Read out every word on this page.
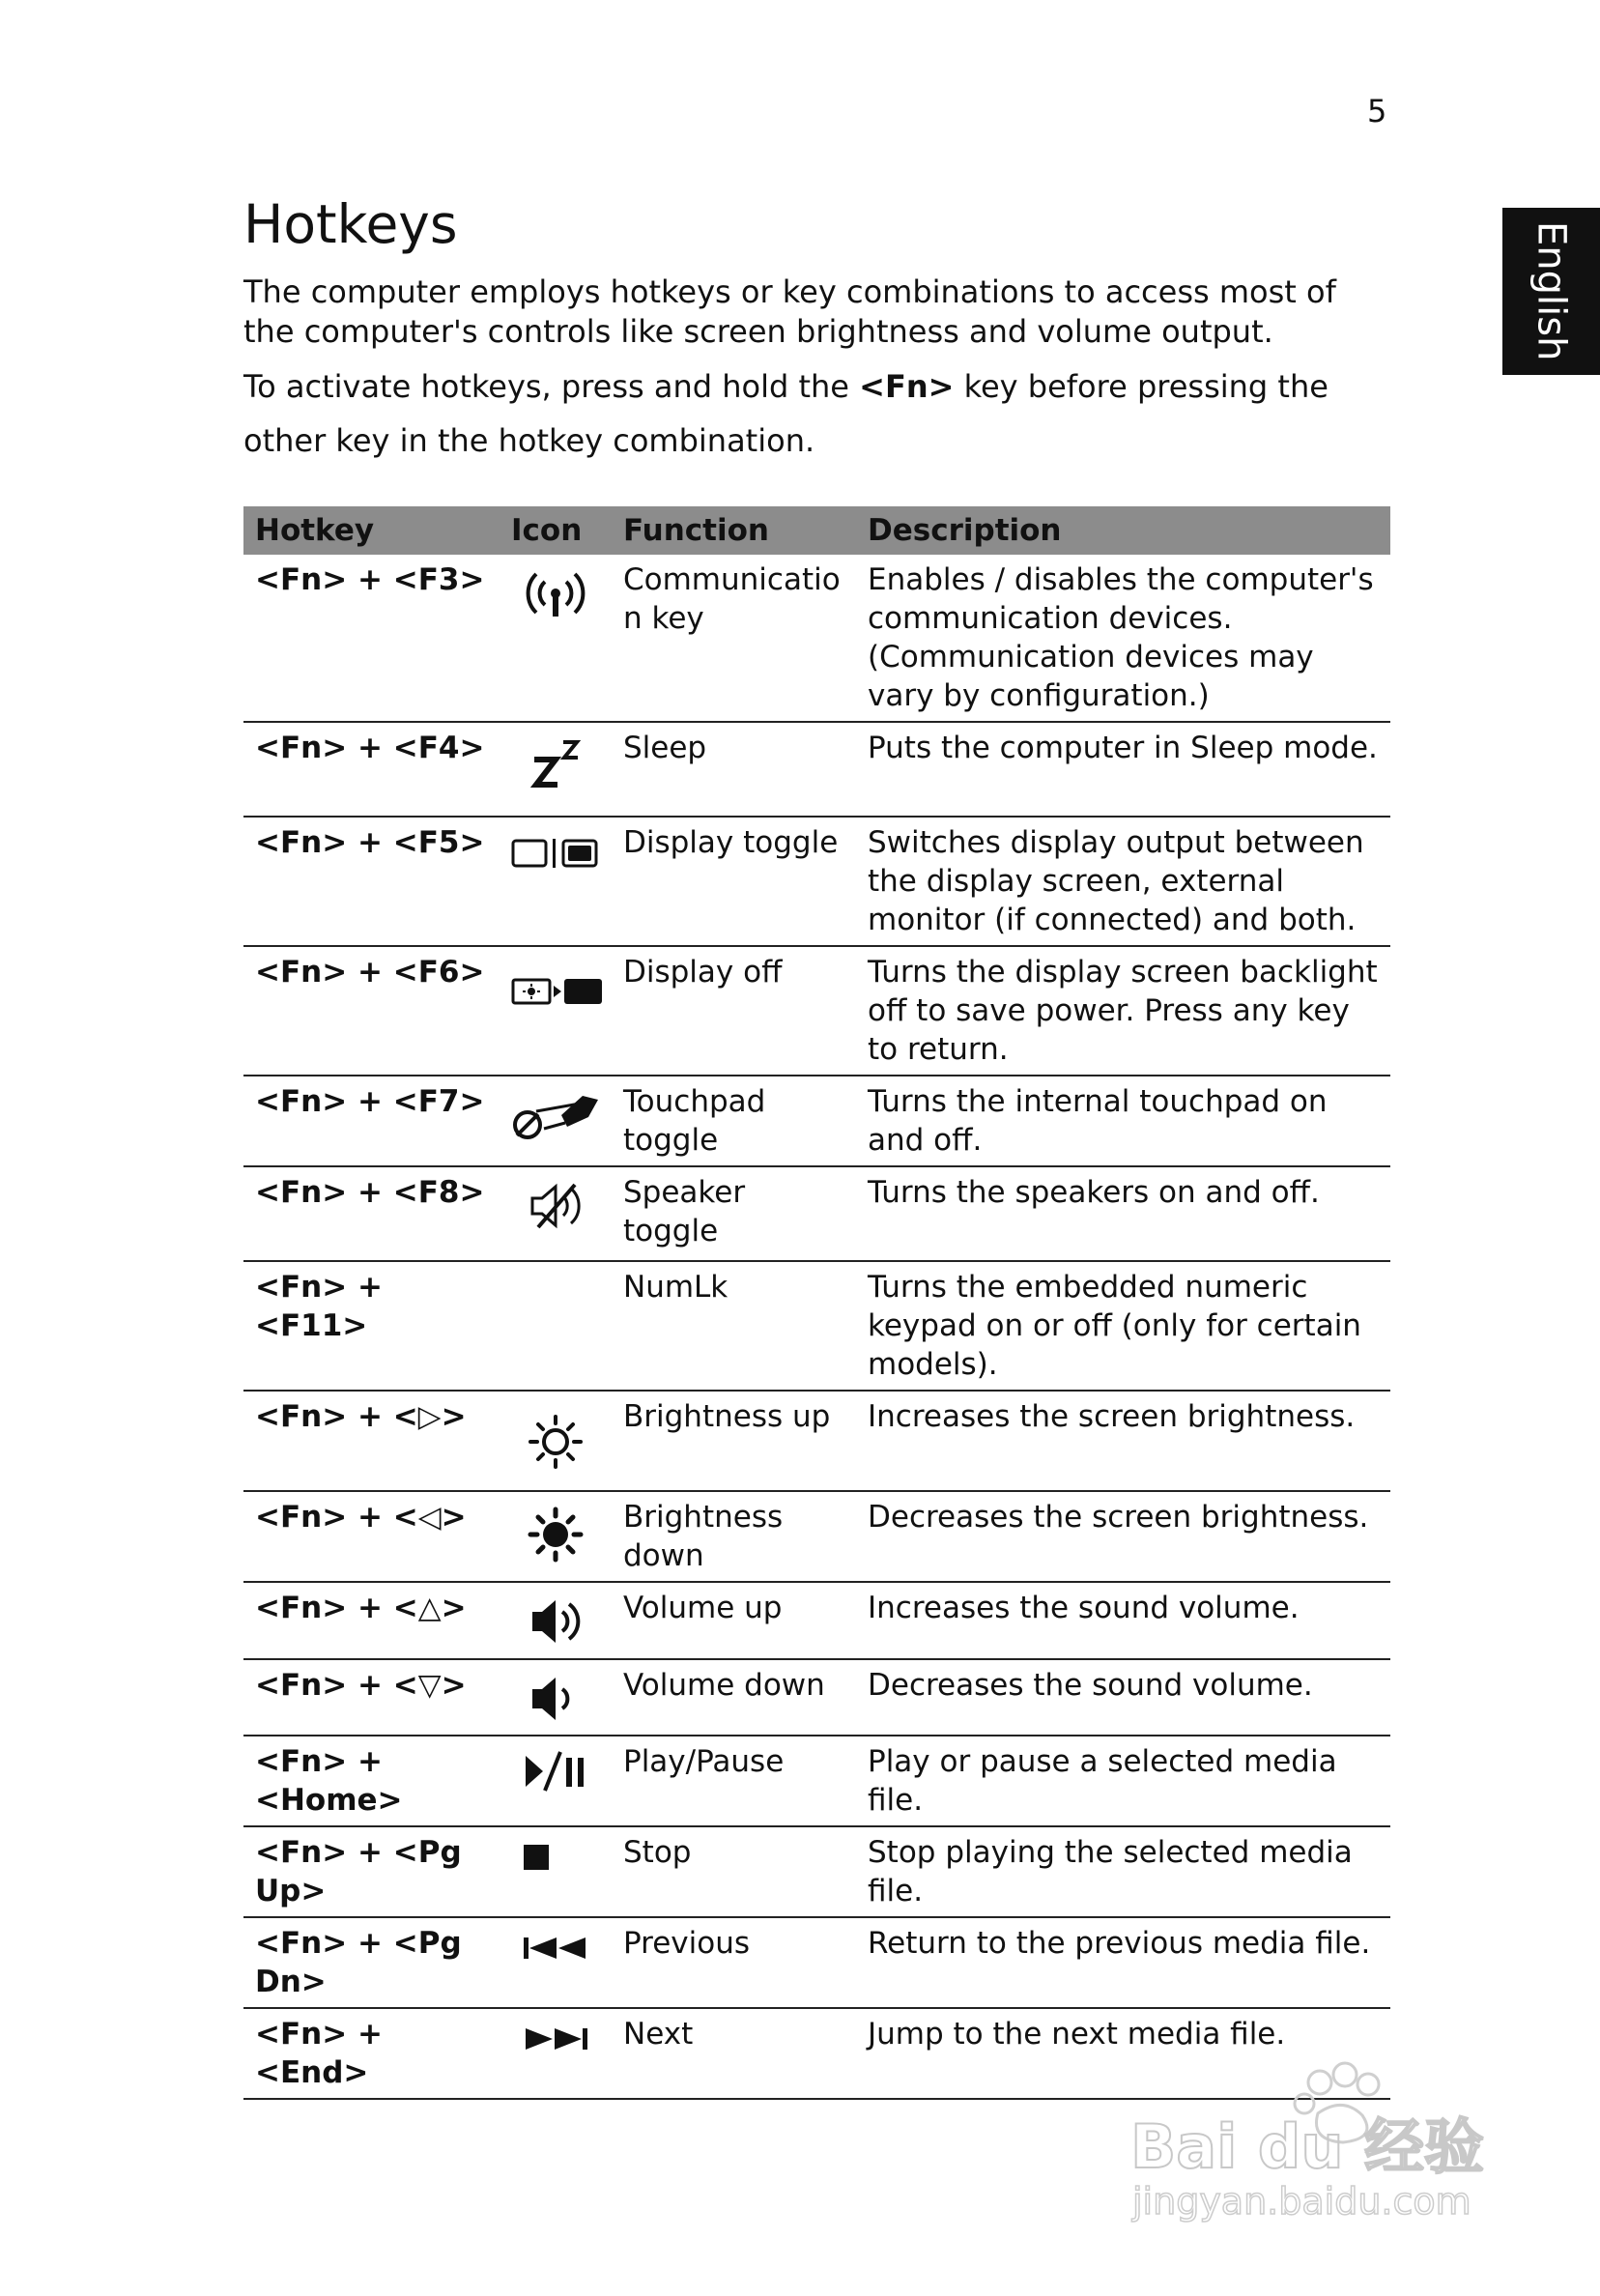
5
English
Hotkeys

The computer employs hotkeys or key combinations to access most of the computer's controls like screen brightness and volume output.

To activate hotkeys, press and hold the <Fn> key before pressing the other key in the hotkey combination.

Hotkey	Icon	Function	Description
<Fn> + <F3>		Communicatio n key	Enables / disables the computer's communication devices. (Communication devices may vary by configuration.)
<Fn> + <F4>		Sleep	Puts the computer in Sleep mode.
<Fn> + <F5>		Display toggle	Switches display output between the display screen, external monitor (if connected) and both.
<Fn> + <F6>		Display off	Turns the display screen backlight off to save power. Press any key to return.
<Fn> + <F7>		Touchpad toggle	Turns the internal touchpad on and off.
<Fn> + <F8>		Speaker toggle	Turns the speakers on and off.
<Fn> + <F11>		NumLk	Turns the embedded numeric keypad on or off (only for certain models).
<Fn> + <▷>		Brightness up	Increases the screen brightness.
<Fn> + <◁>		Brightness down	Decreases the screen brightness.
<Fn> + <△>		Volume up	Increases the sound volume.
<Fn> + <▽>		Volume down	Decreases the sound volume.
<Fn> + <Home>		Play/Pause	Play or pause a selected media file.
<Fn> + <Pg Up>		Stop	Stop playing the selected media file.
<Fn> + <Pg Dn>		Previous	Return to the previous media file.
<Fn> + <End>		Next	Jump to the next media file.
Bai du 经验
jingyan.baidu.com
